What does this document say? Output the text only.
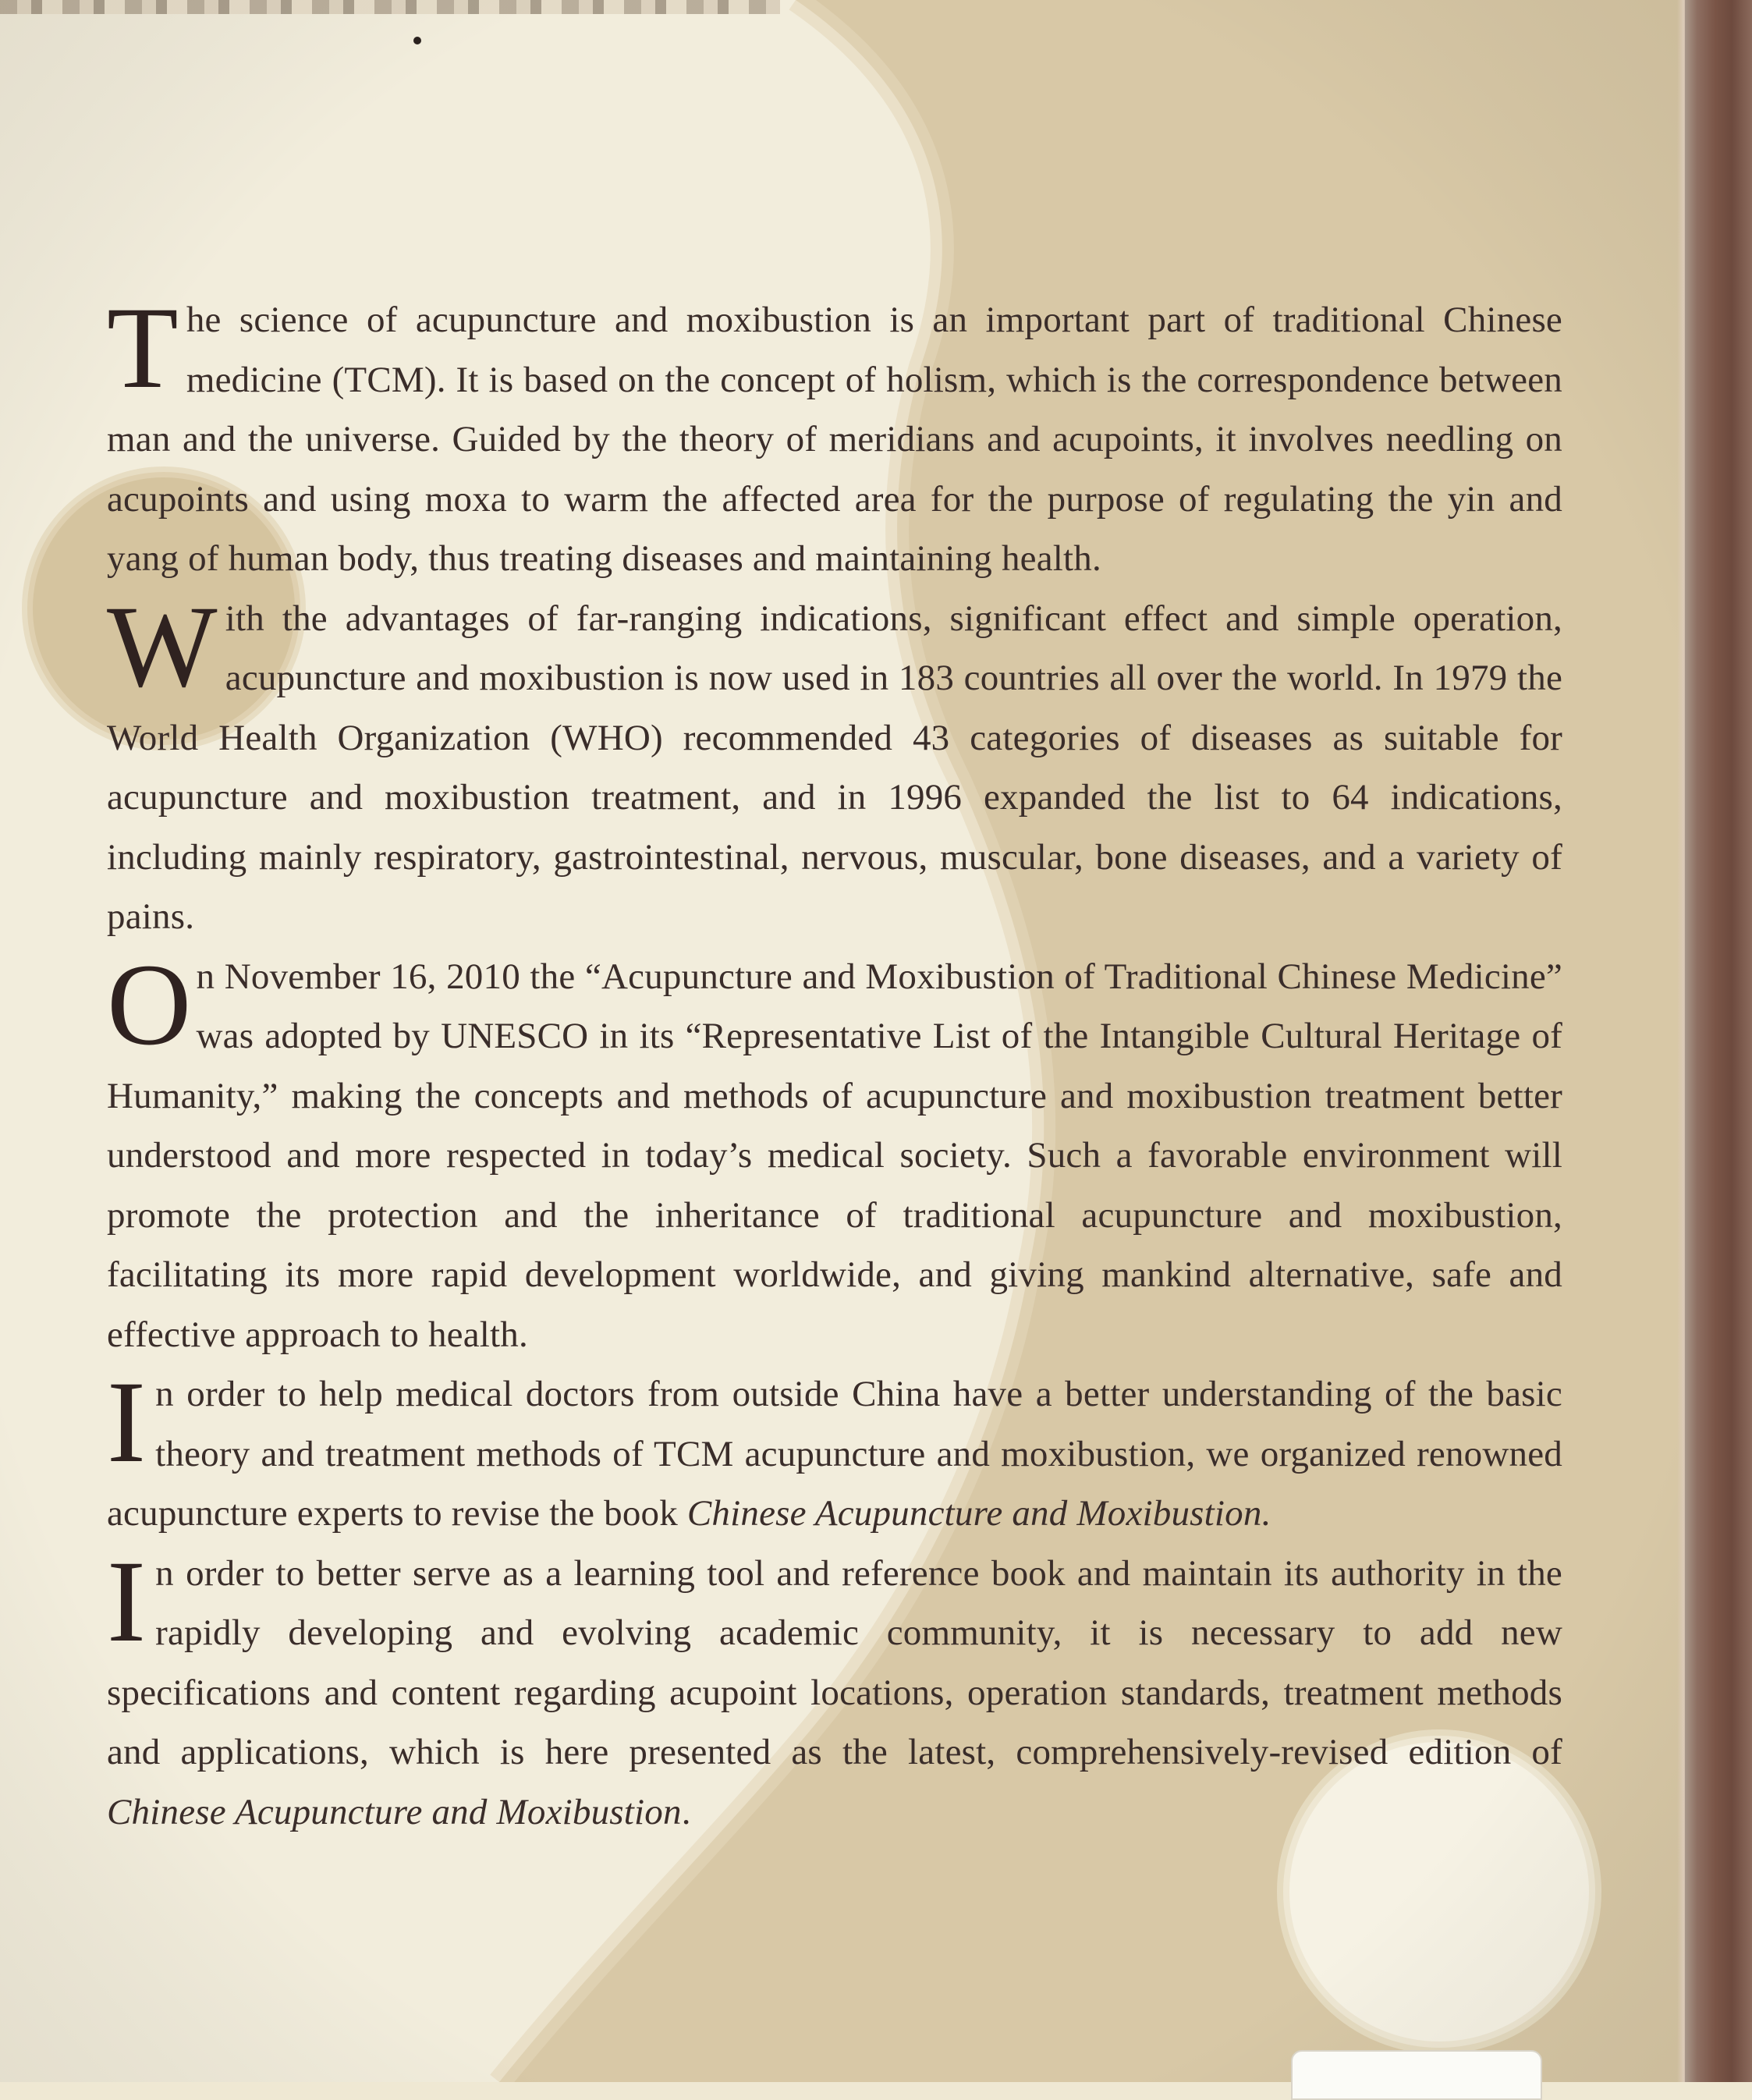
The science of acupuncture and moxibustion is an important part of traditional Chinese medicine (TCM). It is based on the concept of holism, which is the correspondence between man and the universe. Guided by the theory of meridians and acupoints, it involves needling on acupoints and using moxa to warm the affected area for the purpose of regulating the yin and yang of human body, thus treating diseases and maintaining health.

With the advantages of far-ranging indications, significant effect and simple operation, acupuncture and moxibustion is now used in 183 countries all over the world. In 1979 the World Health Organization (WHO) recommended 43 categories of diseases as suitable for acupuncture and moxibustion treatment, and in 1996 expanded the list to 64 indications, including mainly respiratory, gastrointestinal, nervous, muscular, bone diseases, and a variety of pains.

On November 16, 2010 the “Acupuncture and Moxibustion of Traditional Chinese Medicine” was adopted by UNESCO in its “Representative List of the Intangible Cultural Heritage of Humanity,” making the concepts and methods of acupuncture and moxibustion treatment better understood and more respected in today’s medical society. Such a favorable environment will promote the protection and the inheritance of traditional acupuncture and moxibustion, facilitating its more rapid development worldwide, and giving mankind alternative, safe and effective approach to health.

In order to help medical doctors from outside China have a better understanding of the basic theory and treatment methods of TCM acupuncture and moxibustion, we organized renowned acupuncture experts to revise the book Chinese Acupuncture and Moxibustion.

In order to better serve as a learning tool and reference book and maintain its authority in the rapidly developing and evolving academic community, it is necessary to add new specifications and content regarding acupoint locations, operation standards, treatment methods and applications, which is here presented as the latest, comprehensively-revised edition of Chinese Acupuncture and Moxibustion.
